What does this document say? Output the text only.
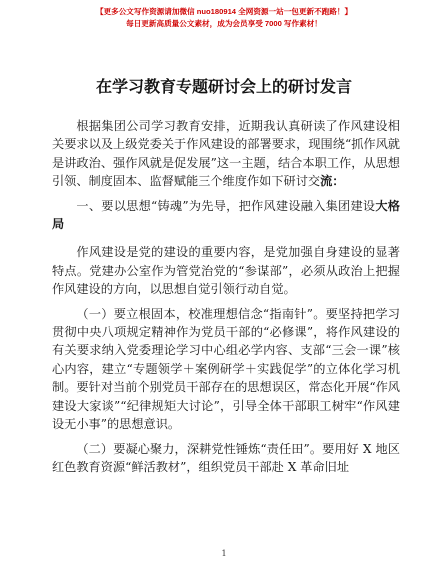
【更多公文写作资源请加微信 nuo180914 全网资源一站一包更新不跑路！】
每日更新高质量公文素材，成为会员享受 7000 写作素材！
在学习教育专题研讨会上的研讨发言

根据集团公司学习教育安排，近期我认真研读了作风建设相关要求以及上级党委关于作风建设的部署要求，现围绕“抓作风就是讲政治、强作风就是促发展”这一主题，结合本职工作，从思想引领、制度固本、监督赋能三个维度作如下研讨交流：

一、要以思想“铸魂”为先导，把作风建设融入集团建设大格局

作风建设是党的建设的重要内容，是党加强自身建设的显著特点。党建办公室作为管党治党的“参谋部”，必须从政治上把握作风建设的方向，以思想自觉引领行动自觉。

（一）要立根固本，校准理想信念“指南针”。要坚持把学习贯彻中央八项规定精神作为党员干部的“必修课”，将作风建设的有关要求纳入党委理论学习中心组必学内容、支部“三会一课”核心内容，建立“专题领学＋案例研学＋实践促学”的立体化学习机制。要针对当前个别党员干部存在的思想误区，常态化开展“作风建设大家谈”“纪律规矩大讨论”，引导全体干部职工树牢“作风建设无小事”的思想意识。

（二）要凝心聚力，深耕党性锤炼“责任田”。要用好 X 地区红色教育资源“鲜活教材”，组织党员干部赴 X 革命旧址

1
